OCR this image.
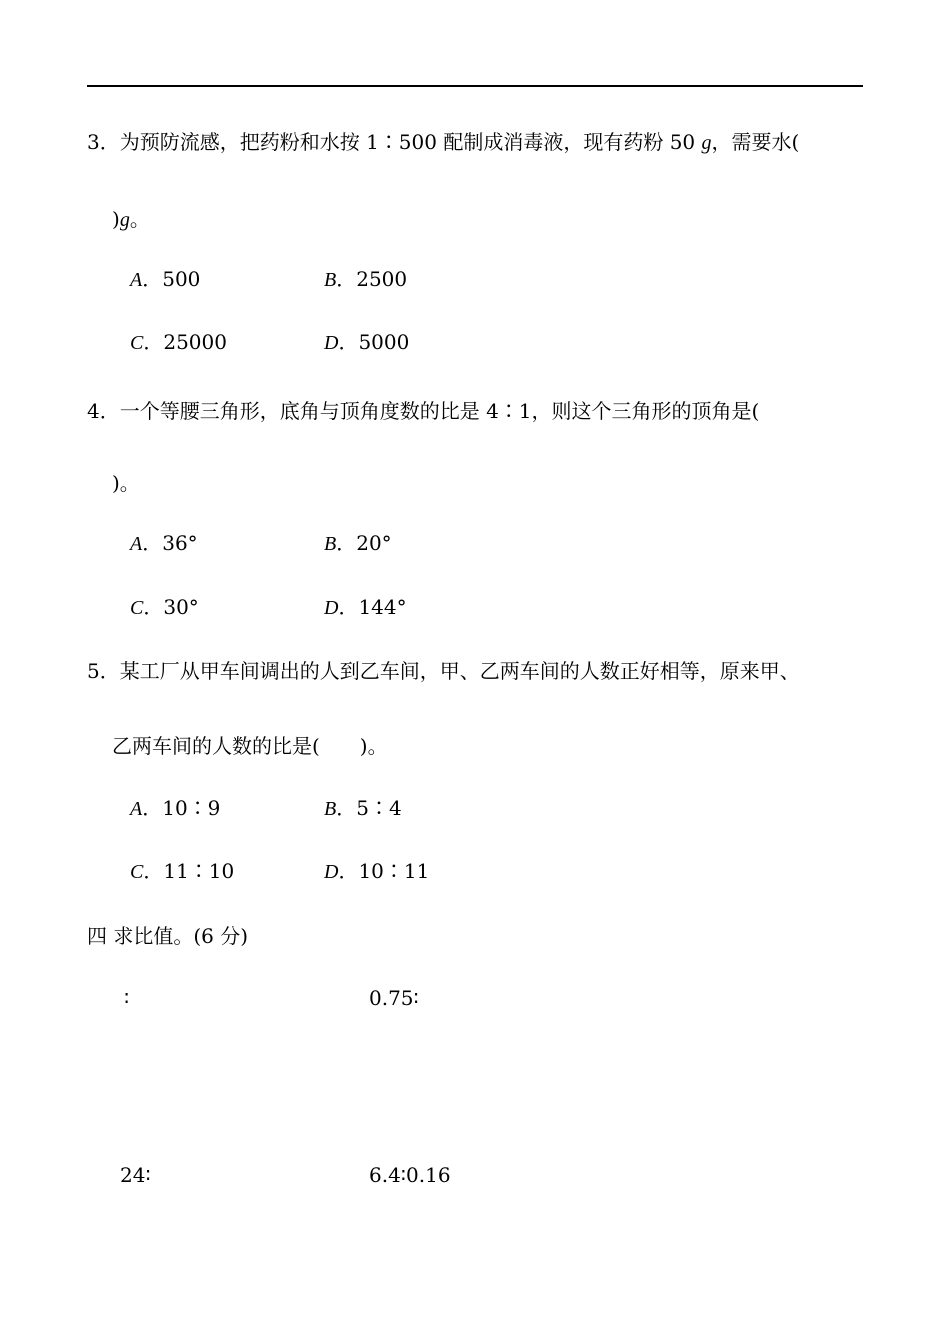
3．为预防流感，把药粉和水按 1∶500 配制成消毒液，现有药粉 50 g，需要水(
)g。
A．500	B．2500
C．25000	D．5000
4．一个等腰三角形，底角与顶角度数的比是 4∶1，则这个三角形的顶角是(
)。
A．36°	B．20°
C．30°	D．144°
5．某工厂从甲车间调出的人到乙车间，甲、乙两车间的人数正好相等，原来甲、
乙两车间的人数的比是(　　)。
A．10∶9	B．5∶4
C．11∶10	D．10∶11
四 求比值。(6 分)
∶	0.75∶
24∶	6.4∶0.16
